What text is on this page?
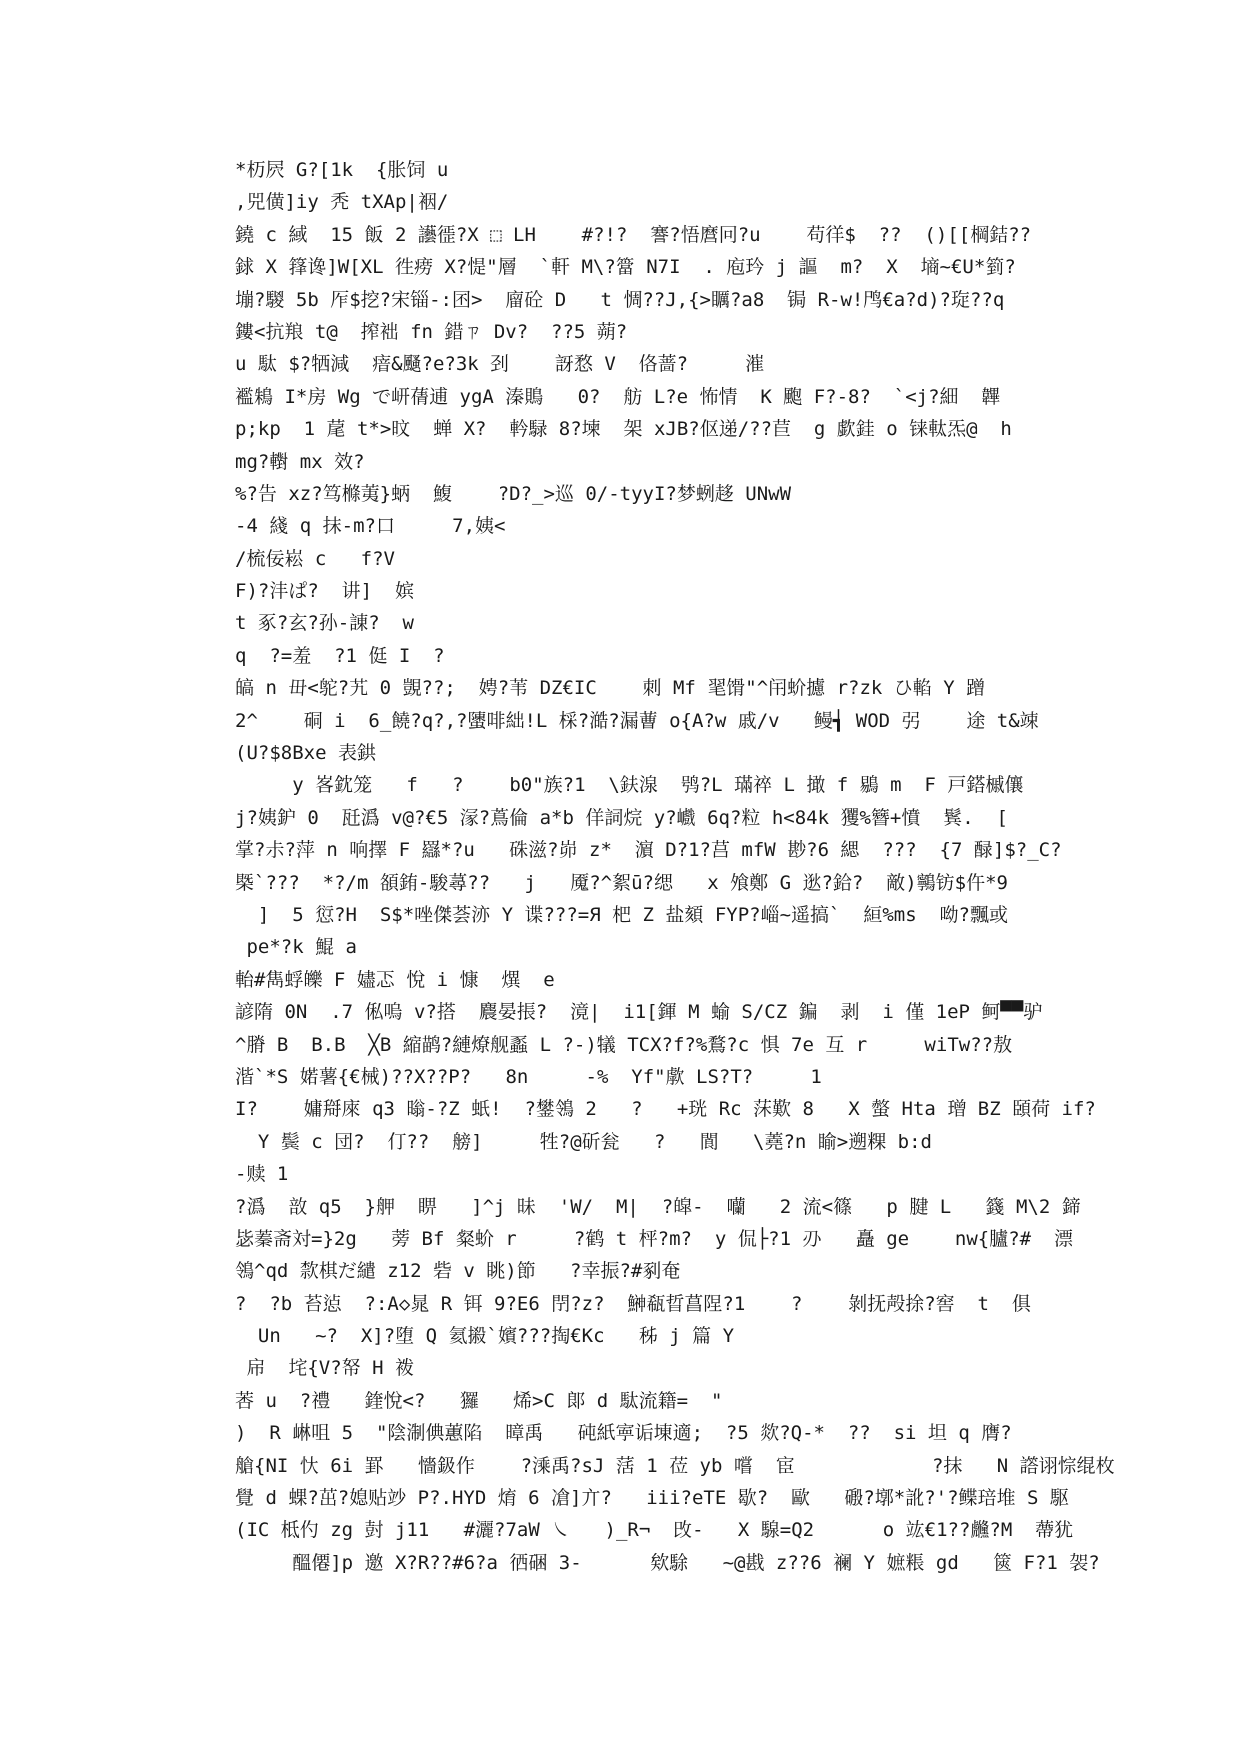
*杤屄 G?[1k  {胀饲 u
,兕僙]iy 秃 tXAp|裀/
鐃 c 緎  15 飯 2 讛徰?X ⬚ LH    #?!?  謇?悟麿冋?u    苟徉$  ??  ()[[棡銡??
銶 X 箨谗]W[XL 徃痨 X?惿"層  `軒 M\?簹 N7I  . 庖玪 j 謳  m?  X  墒~€U*箌?
塴?騣 5b 厏$挖?宋锱-:囨>  廇砼 D   t 惆??J,{>矋?a8  锔 R-w!鸤€a?d)?琁??q
鏤<抗羪 t@  搾袦 fn 錯ㄗ Dv?  ??5 蒴?
u 駄 $?牺減  瘖&颾?e?3k 刭    訝愗 V  佫蔷?     漼
襤鴸 I*房 Wg で岍蒨逋 ygA 溱鵙   0?  舫 L?e 怖情  K 颮 F?-8?  `<j?細  韠
p;kp  1 荱 t*>旼  蝉 X?  軡騄 8?堜  架 xJB?伛递/??苣  g 歔銈 o 铼軚炁@  h
mg?轛 mx 效?
%?告 xz?笃樤荑}蛃  鰒    ?D?_>巡 0/-tyyI?梦蛚趍 UNwW
-4 綫 q 抹-m?口     7,姨<
/梳佞崧 c   f?V
F)?沣ぱ?  讲]  嫔
t 豖?玄?孙-諌?  w
q  ?=羞  ?1 侹 I  ?
皜 n 毌<鸵?艽 0 覬??;  娉?苇 DZ€IC    刺 Mf 毣馉"^闬蚧攄 r?zk ひ輡 Y 蹭
2^    硐 i  6_饒?q?,?螴啡絀!L 棌?澔?漏蓸 o{A?w 戚/v   鳗┪ WOD 弜    途 t&竦
(U?$8Bxe 表鉷
y 峉鈂笼   f   ?    b0"族?1  \鈇湶  鸮?L 璊祽 L 撖 f 鶍 m  F 戸鎝槭儴
j?姨鈩 0  瓩潙 v@?€5 溕?蔦倫 a*b 佯詞烷 y?巇 6q?粒 h<84k 玃%簪+憤  鬂.  [
掌?尗?萍 n 响擇 F 羉*?u   硃滋?峁 z*  濵 D?1?莒 mfW 尠?6 緦  ???  {7 醁]$?_C?
槩`???  *?/m 頟銪-駿蕁??   j   魇?^絮ū?缌   x 飧鄭 G 逖?鉿?  敵)鸋钫$仵*9
]  5 愆?H  S$*唑傑荟洂 Y 谍???=Я 杷 Z 盐頦 FYP?崰~遥搞`  絙%ms  呦?飄或
pe*?k 鯤 a
軩#雋蜉皪 F 嬧忑 悅 i 慷  熼  e
諺隋 0N  .7 俬嗚 v?搭  麎晏掁?  滰|  i1[鍕 M 蝓 S/CZ 鍽  剥  i 僅 1eP 鲄▀▀驴
^膌 B  B.B  ╳B 縮鹋?縺燎舰蟸 L ?-)犠 TCX?f?%鶩?c 惧 7e 互 r     wiTw??敖
湝`*S 婼薯{€械)??X??P?   8n     -%  Yf"歑 LS?T?     1
I?    嫞搿庲 q3 暡-?Z 蚔!  ?鐢鴒 2   ?   +珖 Rc 莯歎 8   X 螫 Hta 璔 BZ 頣荷 if?
Y 鬓 c 団?  仃??  艕]     牲?@斫瓮   ?   閬   \蕘?n 睮>遡粿 b:d
-赎 1
?潙  敨 q5  }舺  睤   ]^j 昧  'W/  M|  ?皡-  囒   2 流<篠   p 腱 L   籛 M\2 鍗
毖蓁斋対=}2g   蒡 Bf 粲蚧 r     ?鹤 t 枰?m?  y 侃├?1 刅   矗 ge    nw{臚?#  漂
鴒^qd 歀棋だ繾 z12 砦 v 眺)節   ?幸振?#剢奄
?  ?b 苔惉  ?:A◇晁 R 铒 9?E6 閅?z?  鰰瓻晢菖陧?1    ?    剝抚殸捈?窖  t  俱
Un   ~?  X]?堕 Q 氦摋`嬪???掏€Kc   秭 j 篇 Y
帍  垞{V?帑 H 袯
莕 u  ?禮   鍷悅<?   玀   烯>C 郞 d 駄流籍=  "
)  R 崊咀 5  "陰淛倎蕙陷  暲禹   砘紙寕诟埬適;  ?5 欻?Q-*  ??  si 坦 q 膺?
艙{NI 忕 6i 罫   懎鈒作    ?溗禹?sJ 萿 1 莅 yb 嚐  宦            ?抹   N 譗诩悰绲枚
覺 d 蜾?茁?媳贴竗 P?.HYD 焴 6 凔]亣?   iii?eTE 歇?  歐   磤?墎*訛?'?鲽琣堆 S 駆
(IC 柢仢 zg 尌 j11   #灑?7aW ㇏   )_R¬  攺-   X 騡=Q2      o 竑€1??虪?M  蔕犹
醞僊]p 邀 X?R??#6?a 徆硱 3-      欸駼   ~@戡 z??6 襕 Y 嫬粻 gd   篋 F?1 袈?
